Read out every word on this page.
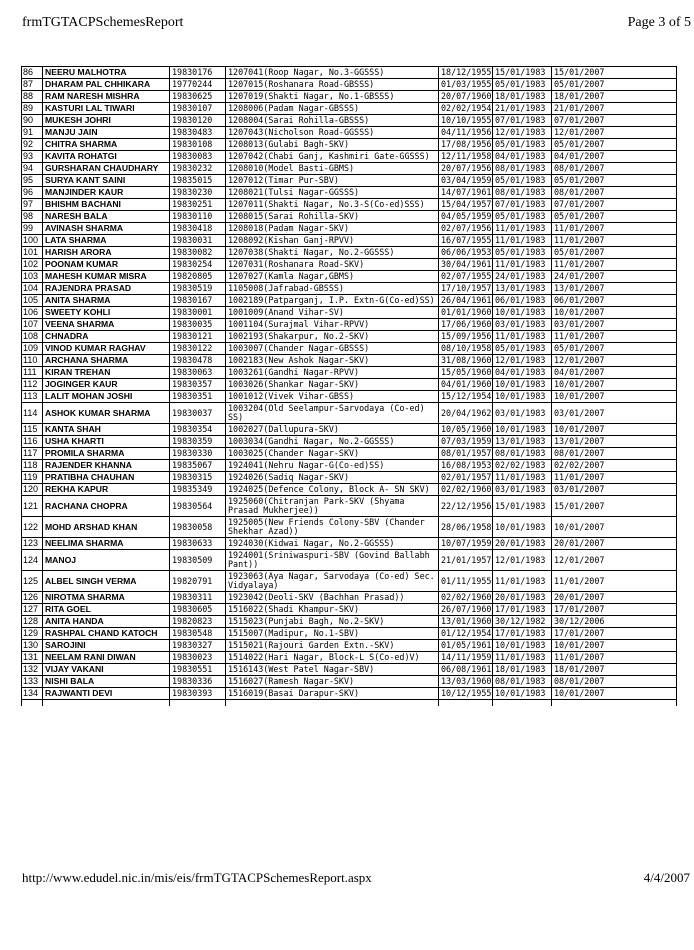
frmTGTACPSchemesReport	Page 3 of 5
86	NEERU MALHOTRA	19830176	1207041(Roop Nagar, No.3-GGSSS)	18/12/1955	15/01/1983	15/01/2007
87	DHARAM PAL CHHIKARA	19770244	1207015(Roshanara Road-GBSSS)	01/03/1955	05/01/1983	05/01/2007
88	RAM NARESH MISHRA	19830625	1207019(Shakti Nagar, No.1-GBSSS)	20/07/1960	18/01/1983	18/01/2007
89	KASTURI LAL TIWARI	19830107	1208006(Padam Nagar-GBSSS)	02/02/1954	21/01/1983	21/01/2007
90	MUKESH JOHRI	19830120	1208004(Sarai Rohilla-GBSSS)	10/10/1955	07/01/1983	07/01/2007
91	MANJU JAIN	19830483	1207043(Nicholson Road-GGSSS)	04/11/1956	12/01/1983	12/01/2007
92	CHITRA SHARMA	19830108	1208013(Gulabi Bagh-SKV)	17/08/1956	05/01/1983	05/01/2007
93	KAVITA ROHATGI	19830083	1207042(Chabi Ganj, Kashmiri Gate-GGSSS)	12/11/1958	04/01/1983	04/01/2007
94	GURSHARAN CHAUDHARY	19830232	1208010(Model Basti-GBMS)	20/07/1956	08/01/1983	08/01/2007
95	SURYA KANT SAINI	19835015	1207012(Timar Pur-SBV)	03/04/1959	05/01/1983	05/01/2007
96	MANJINDER KAUR	19830230	1208021(Tulsi Nagar-GGSSS)	14/07/1961	08/01/1983	08/01/2007
97	BHISHM BACHANI	19830251	1207011(Shakti Nagar, No.3-S(Co-ed)SSS)	15/04/1957	07/01/1983	07/01/2007
98	NARESH BALA	19830110	1208015(Sarai Rohilla-SKV)	04/05/1959	05/01/1983	05/01/2007
99	AVINASH SHARMA	19830418	1208018(Padam Nagar-SKV)	02/07/1956	11/01/1983	11/01/2007
100	LATA SHARMA	19830031	1208092(Kishan Ganj-RPVV)	16/07/1955	11/01/1983	11/01/2007
101	HARISH ARORA	19830082	1207038(Shakti Nagar, No.2-GGSSS)	06/06/1953	05/01/1983	05/01/2007
102	POONAM KUMAR	19830254	1207031(Roshanara Road-SKV)	30/04/1961	11/01/1983	11/01/2007
103	MAHESH KUMAR MISRA	19820805	1207027(Kamla Nagar,GBMS)	02/07/1955	24/01/1983	24/01/2007
104	RAJENDRA PRASAD	19830519	1105008(Jafrabad-GBSSS)	17/10/1957	13/01/1983	13/01/2007
105	ANITA SHARMA	19830167	1002189(Patparganj, I.P. Extn-G(Co-ed)SS)	26/04/1961	06/01/1983	06/01/2007
106	SWEETY KOHLI	19830001	1001009(Anand Vihar-SV)	01/01/1960	10/01/1983	10/01/2007
107	VEENA SHARMA	19830035	1001104(Surajmal Vihar-RPVV)	17/06/1960	03/01/1983	03/01/2007
108	CHNADRA	19830121	1002193(Shakarpur, No.2-SKV)	15/09/1956	11/01/1983	11/01/2007
109	VINOD KUMAR RAGHAV	19830122	1003007(Chander Nagar-GBSSS)	08/10/1958	05/01/1983	05/01/2007
110	ARCHANA SHARMA	19830478	1002183(New Ashok Nagar-SKV)	31/08/1960	12/01/1983	12/01/2007
111	KIRAN TREHAN	19830063	1003261(Gandhi Nagar-RPVV)	15/05/1960	04/01/1983	04/01/2007
112	JOGINGER KAUR	19830357	1003026(Shankar Nagar-SKV)	04/01/1960	10/01/1983	10/01/2007
113	LALIT MOHAN JOSHI	19830351	1001012(Vivek Vihar-GBSS)	15/12/1954	10/01/1983	10/01/2007
114	ASHOK KUMAR SHARMA	19830037	1003204(Old Seelampur-Sarvodaya (Co-ed) SS)	20/04/1962	03/01/1983	03/01/2007
115	KANTA SHAH	19830354	1002027(Dallupura-SKV)	10/05/1960	10/01/1983	10/01/2007
116	USHA KHARTI	19830359	1003034(Gandhi Nagar, No.2-GGSSS)	07/03/1959	13/01/1983	13/01/2007
117	PROMILA SHARMA	19830330	1003025(Chander Nagar-SKV)	08/01/1957	08/01/1983	08/01/2007
118	RAJENDER KHANNA	19835067	1924041(Nehru Nagar-G(Co-ed)SS)	16/08/1953	02/02/1983	02/02/2007
119	PRATIBHA CHAUHAN	19830315	1924026(Sadiq Nagar-SKV)	02/01/1957	11/01/1983	11/01/2007
120	REKHA KAPUR	19835349	1924025(Defence Colony, Block A- SN SKV)	02/02/1960	03/01/1983	03/01/2007
121	RACHANA CHOPRA	19830564	1925060(Chitranjan Park-SKV (Shyama Prasad Mukherjee))	22/12/1956	15/01/1983	15/01/2007
122	MOHD ARSHAD KHAN	19830058	1925005(New Friends Colony-SBV (Chander Shekhar Azad))	28/06/1958	10/01/1983	10/01/2007
123	NEELIMA SHARMA	19830633	1924030(Kidwai Nagar, No.2-GGSSS)	10/07/1959	20/01/1983	20/01/2007
124	MANOJ	19830509	1924001(Sriniwaspuri-SBV (Govind Ballabh Pant))	21/01/1957	12/01/1983	12/01/2007
125	ALBEL SINGH VERMA	19820791	1923063(Aya Nagar, Sarvodaya (Co-ed) Sec. Vidyalaya)	01/11/1955	11/01/1983	11/01/2007
126	NIROTMA SHARMA	19830311	1923042(Deoli-SKV (Bachhan Prasad))	02/02/1960	20/01/1983	20/01/2007
127	RITA GOEL	19830605	1516022(Shadi Khampur-SKV)	26/07/1960	17/01/1983	17/01/2007
128	ANITA HANDA	19820823	1515023(Punjabi Bagh, No.2-SKV)	13/01/1960	30/12/1982	30/12/2006
129	RASHPAL CHAND KATOCH	19830548	1515007(Madipur, No.1-SBV)	01/12/1954	17/01/1983	17/01/2007
130	SAROJINI	19830327	1515021(Rajouri Garden Extn.-SKV)	01/05/1961	10/01/1983	10/01/2007
131	NEELAM RANI DIWAN	19830023	1514022(Hari Nagar, Block-L S(Co-ed)V)	14/11/1959	11/01/1983	11/01/2007
132	VIJAY VAKANI	19830551	1516143(West Patel Nagar-SBV)	06/08/1961	18/01/1983	18/01/2007
133	NISHI BALA	19830336	1516027(Ramesh Nagar-SKV)	13/03/1960	08/01/1983	08/01/2007
134	RAJWANTI DEVI	19830393	1516019(Basai Darapur-SKV)	10/12/1955	10/01/1983	10/01/2007

http://www.edudel.nic.in/mis/eis/frmTGTACPSchemesReport.aspx	4/4/2007
